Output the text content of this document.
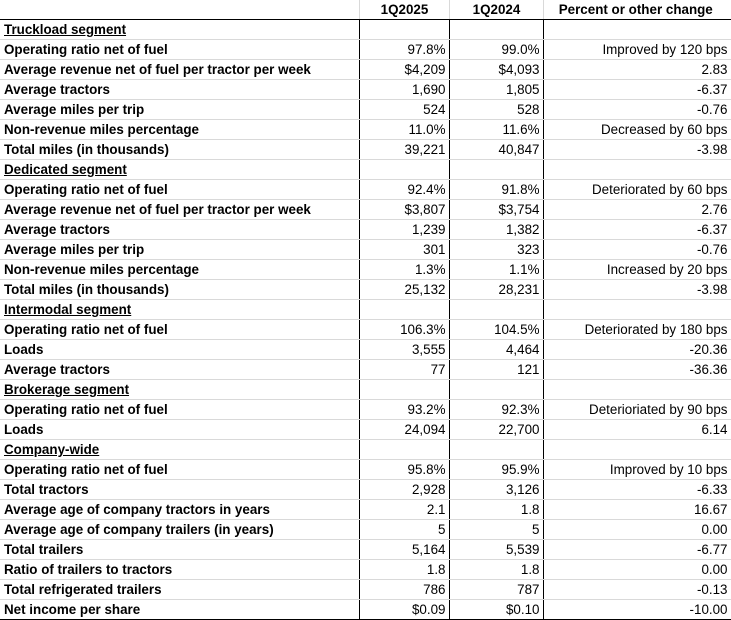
	1Q2025	1Q2024	Percent or other change
Truckload segment			
Operating ratio net of fuel	97.8%	99.0%	Improved by 120 bps
Average revenue net of fuel per tractor per week	$4,209	$4,093	2.83
Average tractors	1,690	1,805	-6.37
Average miles per trip	524	528	-0.76
Non-revenue miles percentage	11.0%	11.6%	Decreased by 60 bps
Total miles (in thousands)	39,221	40,847	-3.98
Dedicated segment			
Operating ratio net of fuel	92.4%	91.8%	Deteriorated by 60 bps
Average revenue net of fuel per tractor per week	$3,807	$3,754	2.76
Average tractors	1,239	1,382	-6.37
Average miles per trip	301	323	-0.76
Non-revenue miles percentage	1.3%	1.1%	Increased by 20 bps
Total miles (in thousands)	25,132	28,231	-3.98
Intermodal segment			
Operating ratio net of fuel	106.3%	104.5%	Deteriorated by 180 bps
Loads	3,555	4,464	-20.36
Average tractors	77	121	-36.36
Brokerage segment			
Operating ratio net of fuel	93.2%	92.3%	Deterioriated by 90 bps
Loads	24,094	22,700	6.14
Company-wide			
Operating ratio net of fuel	95.8%	95.9%	Improved by 10 bps
Total tractors	2,928	3,126	-6.33
Average age of company tractors in years	2.1	1.8	16.67
Average age of company trailers (in years)	5	5	0.00
Total trailers	5,164	5,539	-6.77
Ratio of trailers to tractors	1.8	1.8	0.00
Total refrigerated trailers	786	787	-0.13
Net income per share	$0.09	$0.10	-10.00
